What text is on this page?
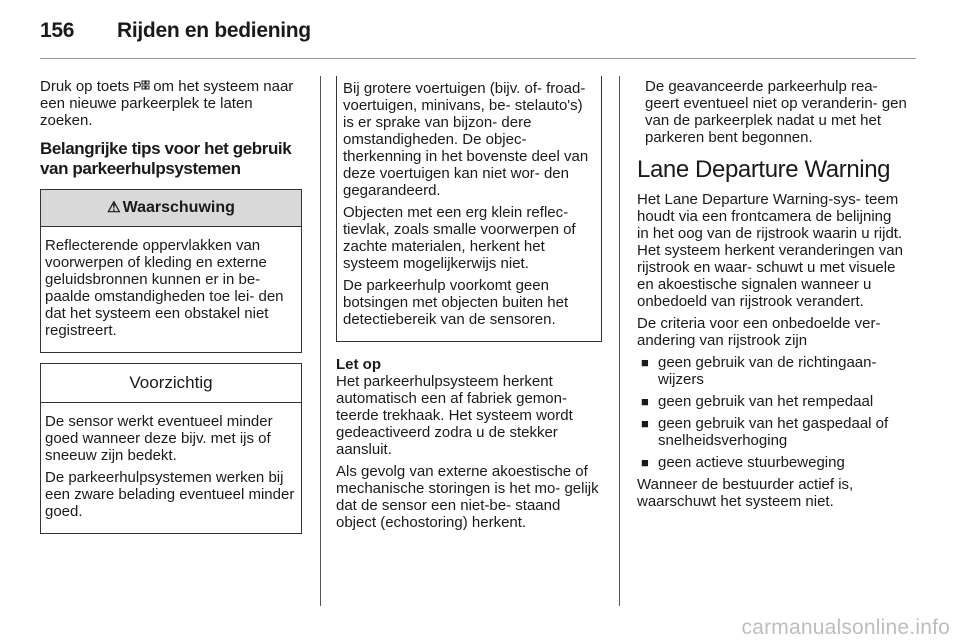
156 Rijden en bediening

Druk op toets P om het systeem naar een nieuwe parkeerplek te laten zoeken.

Belangrijke tips voor het gebruik van parkeerhulpsystemen
⚠ Waarschuwing

Reflecterende oppervlakken van voorwerpen of kleding en externe geluidsbronnen kunnen er in be- paalde omstandigheden toe lei- den dat het systeem een obstakel niet registreert.

Voorzichtig

De sensor werkt eventueel minder goed wanneer deze bijv. met ijs of sneeuw zijn bedekt.

De parkeerhulpsystemen werken bij een zware belading eventueel minder goed.

Bij grotere voertuigen (bijv. of- froad-voertuigen, minivans, be- stelauto's) is er sprake van bijzon- dere omstandigheden. De objec- therkenning in het bovenste deel van deze voertuigen kan niet wor- den gegarandeerd.

Objecten met een erg klein reflec- tievlak, zoals smalle voorwerpen of zachte materialen, herkent het systeem mogelijkerwijs niet.

De parkeerhulp voorkomt geen botsingen met objecten buiten het detectiebereik van de sensoren.

Let op

Het parkeerhulpsysteem herkent automatisch een af fabriek gemon- teerde trekhaak. Het systeem wordt gedeactiveerd zodra u de stekker aansluit.

Als gevolg van externe akoestische of mechanische storingen is het mo- gelijk dat de sensor een niet-be- staand object (echostoring) herkent.

De geavanceerde parkeerhulp rea- geert eventueel niet op veranderin- gen van de parkeerplek nadat u met het parkeren bent begonnen.

Lane Departure Warning

Het Lane Departure Warning-sys- teem houdt via een frontcamera de belijning in het oog van de rijstrook waarin u rijdt. Het systeem herkent veranderingen van rijstrook en waar- schuwt u met visuele en akoestische signalen wanneer u onbedoeld van rijstrook verandert.

De criteria voor een onbedoelde ver- andering van rijstrook zijn

■ geen gebruik van de richtingaan- wijzers
■ geen gebruik van het rempedaal
■ geen gebruik van het gaspedaal of snelheidsverhoging
■ geen actieve stuurbeweging

Wanneer de bestuurder actief is, waarschuwt het systeem niet.

carmanualsonline.info
